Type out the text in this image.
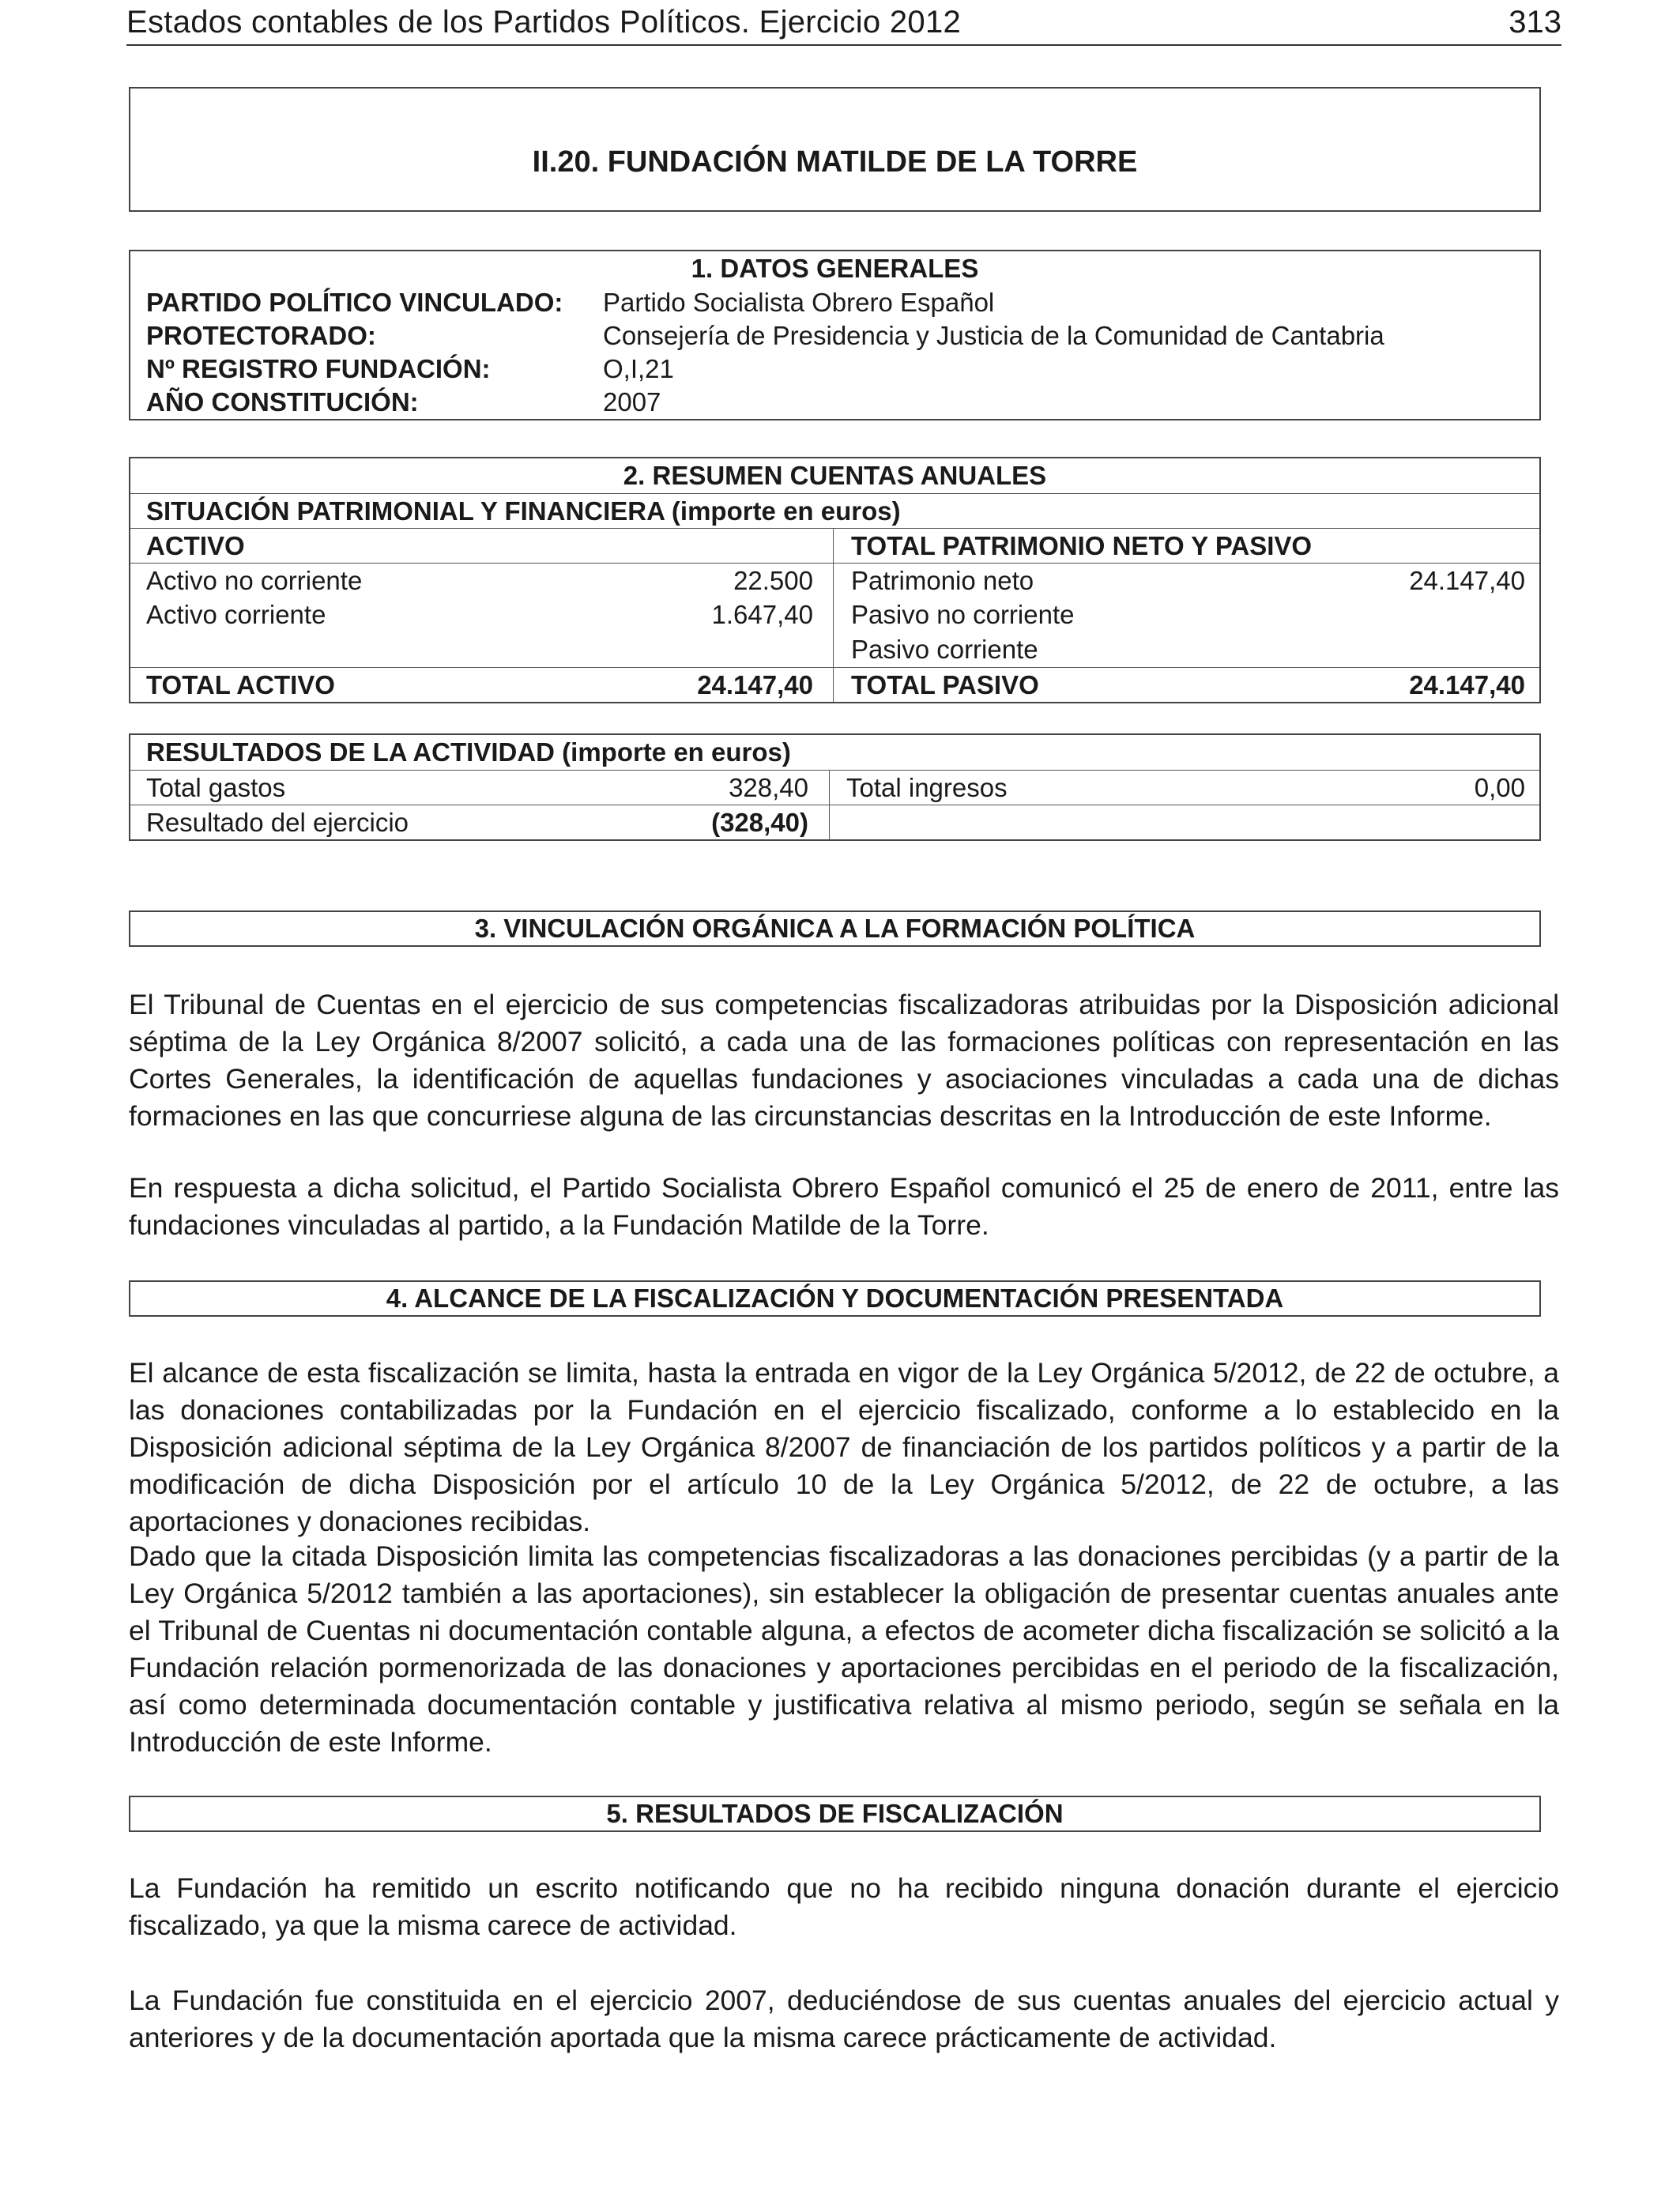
Estados contables de los Partidos Políticos. Ejercicio 2012	313
II.20. FUNDACIÓN MATILDE DE LA TORRE
1. DATOS GENERALES
PARTIDO POLÍTICO VINCULADO: Partido Socialista Obrero Español
PROTECTORADO:	Consejería de Presidencia y Justicia de la Comunidad de Cantabria
Nº REGISTRO FUNDACIÓN:	O,I,21
AÑO CONSTITUCIÓN:	2007
2. RESUMEN CUENTAS ANUALES
SITUACIÓN PATRIMONIAL Y FINANCIERA (importe en euros)
ACTIVO	TOTAL PATRIMONIO NETO Y PASIVO
Activo no corriente	22.500 Patrimonio neto	24.147,40
Activo corriente	1.647,40 Pasivo no corriente
Pasivo corriente
TOTAL ACTIVO	24.147,40 TOTAL PASIVO	24.147,40
RESULTADOS DE LA ACTIVIDAD (importe en euros)
Total gastos	328,40 Total ingresos	0,00
Resultado del ejercicio	(328,40)
3. VINCULACIÓN ORGÁNICA A LA FORMACIÓN POLÍTICA
El Tribunal de Cuentas en el ejercicio de sus competencias fiscalizadoras atribuidas por la Disposición adicional séptima de la Ley Orgánica 8/2007 solicitó, a cada una de las formaciones políticas con representación en las Cortes Generales, la identificación de aquellas fundaciones y asociaciones vinculadas a cada una de dichas formaciones en las que concurriese alguna de las circunstancias descritas en la Introducción de este Informe.
En respuesta a dicha solicitud, el Partido Socialista Obrero Español comunicó el 25 de enero de 2011, entre las fundaciones vinculadas al partido, a la Fundación Matilde de la Torre.
4. ALCANCE DE LA FISCALIZACIÓN Y DOCUMENTACIÓN PRESENTADA
El alcance de esta fiscalización se limita, hasta la entrada en vigor de la Ley Orgánica 5/2012, de 22 de octubre, a las donaciones contabilizadas por la Fundación en el ejercicio fiscalizado, conforme a lo establecido en la Disposición adicional séptima de la Ley Orgánica 8/2007 de financiación de los partidos políticos y a partir de la modificación de dicha Disposición por el artículo 10 de la Ley Orgánica 5/2012, de 22 de octubre, a las aportaciones y donaciones recibidas.
Dado que la citada Disposición limita las competencias fiscalizadoras a las donaciones percibidas (y a partir de la Ley Orgánica 5/2012 también a las aportaciones), sin establecer la obligación de presentar cuentas anuales ante el Tribunal de Cuentas ni documentación contable alguna, a efectos de acometer dicha fiscalización se solicitó a la Fundación relación pormenorizada de las donaciones y aportaciones percibidas en el periodo de la fiscalización, así como determinada documentación contable y justificativa relativa al mismo periodo, según se señala en la Introducción de este Informe.
5. RESULTADOS DE FISCALIZACIÓN
La Fundación ha remitido un escrito notificando que no ha recibido ninguna donación durante el ejercicio fiscalizado, ya que la misma carece de actividad.
La Fundación fue constituida en el ejercicio 2007, deduciéndose de sus cuentas anuales del ejercicio actual y anteriores y de la documentación aportada que la misma carece prácticamente de actividad.
